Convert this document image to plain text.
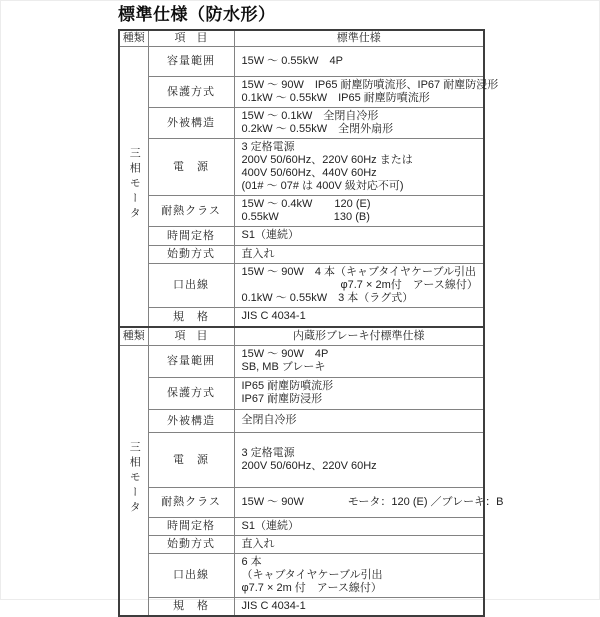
標準仕様（防水形）
種類	項　目	標準仕様
三相モータ	容量範囲	15W ～ 0.55kW　4P

	保護方式	15W ～ 90W　IP65 耐塵防噴流形、IP67 耐塵防浸形
0.1kW ～ 0.55kW　IP65 耐塵防噴流形

	外被構造	15W ～ 0.1kW　全閉自冷形
0.2kW ～ 0.55kW　全閉外扇形

	電　源	3 定格電源
200V 50/60Hz、220V 60Hz または
400V 50/60Hz、440V 60Hz
(01# ～ 07# は 400V 級対応不可)

	耐熱クラス	15W ～ 0.4kW　　120 (E)
0.55kW　　　　　130 (B)

	時間定格	S1（連続）

	始動方式	直入れ

	口出線	15W ～ 90W　4 本（キャブタイヤケーブル引出
　　　　　　　　　φ7.7 × 2m付　アース線付）
0.1kW ～ 0.55kW　3 本（ラグ式）

	規　格	JIS C 4034-1

種類	項　目	内蔵形ブレーキ付標準仕様
三相モータ	容量範囲	15W ～ 90W　4P
SB, MB ブレーキ

	保護方式	IP65 耐塵防噴流形
IP67 耐塵防浸形

	外被構造	全閉自冷形

	電　源	3 定格電源
200V 50/60Hz、220V 60Hz

	耐熱クラス	15W ～ 90W　　　　モータ：120 (E) ／ブレーキ：B

	時間定格	S1（連続）

	始動方式	直入れ

	口出線	6 本
（キャブタイヤケーブル引出
φ7.7 × 2m 付　アース線付）

	規　格	JIS C 4034-1
